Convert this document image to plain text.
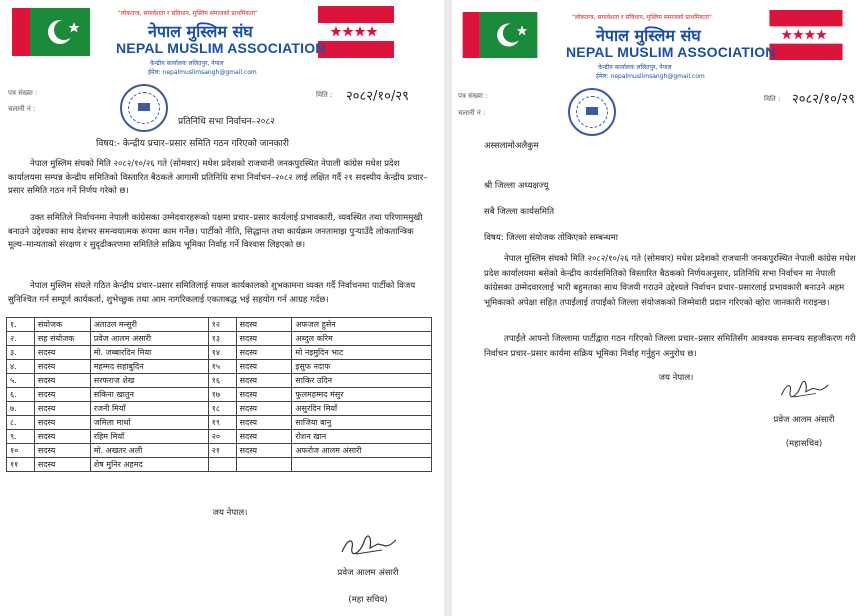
"लोकतन्त्र, समावेशता र संविधान, मुस्लिम समाजको प्राथमिकता"
नेपाल मुस्लिम संघ
NEPAL MUSLIM ASSOCIATION
केन्द्रीय कार्यालयः ललितपुर, नेपाल
ईमेल: nepalmuslimsangh@gmail.com
पत्र संख्या :
चलानी नं :
मिति : २०८२/१०/२९
प्रतिनिधि सभा निर्वाचन–२०८२
विषय:- केन्द्रीय प्रचार–प्रसार समिति गठन गरिएको जानकारी
नेपाल मुस्लिम संघको मिति २०८२/१०/२६ गते (सोमवार) मधेश प्रदेशको राजधानी जनकपुरस्थित नेपाली कांग्रेस मधेश प्रदेश कार्यालयमा सम्पन्न केन्द्रीय समितिको विस्तारित बैठकले आगामी प्रतिनिधि सभा निर्वाचन–२०८२ लाई लक्षित गर्दै २१ सदस्यीय केन्द्रीय प्रचार–प्रसार समिति गठन गर्ने निर्णय गरेको छ।
उक्त समितिले निर्वाचनमा नेपाली कांग्रेसका उम्मेदवारहरूको पक्षमा प्रचार–प्रसार कार्यलाई प्रभावकारी, व्यवस्थित तथा परिणाममुखी बनाउने उद्देश्यका साथ देशभर समन्वयात्मक रूपमा काम गर्नेछ। पार्टीको नीति, सिद्धान्त तथा कार्यक्रम जनतामाझ पुऱ्याउँदै लोकतान्त्रिक मूल्य–मान्यताको संरक्षण र सुदृढीकरणमा समितिले सक्रिय भूमिका निर्वाह गर्ने विश्वास लिइएको छ।
नेपाल मुस्लिम संघले गठित केन्द्रीय प्रचार–प्रसार समितिलाई सफल कार्यकालको शुभकामना व्यक्त गर्दै निर्वाचनमा पार्टीको विजय सुनिश्चित गर्न सम्पूर्ण कार्यकर्ता, शुभेच्छुक तथा आम नागरिकलाई एकताबद्ध भई सहयोग गर्न आग्रह गर्दछ।
१.	संयोजक	अताउल मन्सुरी	१२	सदस्य	अफजल हुसेन
२.	सह संयोजक	प्रवेज आलम अंसारी	१३	सदस्य	अब्दुल करिम
३.	सदस्य	मो. जब्बारदिन मिया	१४	सदस्य	मो नइमुदिन भाट
४.	सदस्य	महम्मद सहाबुदिन	१५	सदस्य	इसुफ नदाफ
५.	सदस्य	सरफराज शेख	१६	सदस्य	साकिर उदिन
६.	सदस्य	सकिना खातुन	१७	सदस्य	फुलमहम्मद मंसुर
७.	सदस्य	रजनी मियाँ	१८	सदस्य	असुरदिन मियाँ
८.	सदस्य	जमिला मार्था	१९	सदस्य	साजिया बानु
९.	सदस्य	रहिम मियाँ	२०	सदस्य	रोशन खान
१०	सदस्य	मो. अखतर अली	२१	सदस्य	अफरोज आलम अंसारी
११	सदस्य	शेष मुनिर अहमद			
जय नेपाल।
प्रवेज आलम अंसारी
(महा सचिव)
"लोकतन्त्र, समावेशता र संविधान, मुस्लिम समाजको प्राथमिकता"
नेपाल मुस्लिम संघ
NEPAL MUSLIM ASSOCIATION
केन्द्रीय कार्यालयः ललितपुर, नेपाल
ईमेल: nepalmuslimsangh@gmail.com
पत्र संख्या :
चलानी नं :
मिति : २०८२/१०/२९
अस्सलामोअलैकुम
श्री जिल्ला अध्यक्षज्यू
सबै जिल्ला कार्यसमिति
विषय: जिल्ला संयोजक तोकिएको सम्बन्धमा
नेपाल मुस्लिम संघको मिति २०८२/१०/२६ गते (सोमवार) मधेश प्रदेशको राजधानी जनकपुरस्थित नेपाली कांग्रेस मधेश प्रदेश कार्यालयमा बसेको केन्द्रीय कार्यसमितिको विस्तारित बैठकको निर्णयअनुसार, प्रतिनिधि सभा निर्वाचन मा नेपाली कांग्रेसका उम्मेदवारलाई भारी बहुमतका साथ विजयी गराउने उद्देश्यले निर्वाचन प्रचार–प्रसारलाई प्रभावकारी बनाउने अहम भूमिकाको अपेक्षा सहित तपाईंलाई तपाईंको जिल्ला संयोजकको जिम्मेवारी प्रदान गरिएको व्होरा जानकारी गराइन्छ।
तपाईंले आफ्नो जिल्लामा पार्टीद्वारा गठन गरिएको जिल्ला प्रचार–प्रसार समितिसँग आवश्यक समन्वय सहजीकरण गरी निर्वाचन प्रचार–प्रसार कार्यमा सक्रिय भूमिका निर्वाह गर्नुहुन अनुरोध छ।
जय नेपाल।
प्रवेज आलम अंसारी
(महासचिव)
